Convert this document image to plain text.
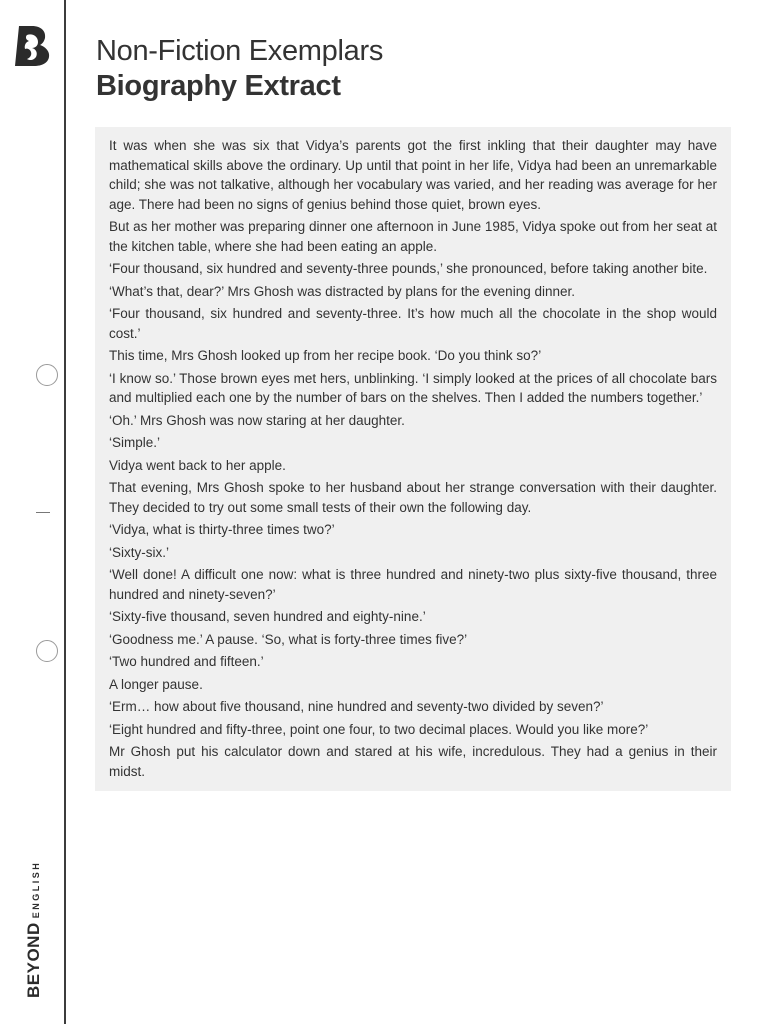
BEYONDENGLISH
Non-Fiction Exemplars
Biography Extract

It was when she was six that Vidya’s parents got the first inkling that their daughter may have mathematical skills above the ordinary. Up until that point in her life, Vidya had been an unremarkable child; she was not talkative, although her vocabulary was varied, and her reading was average for her age. There had been no signs of genius behind those quiet, brown eyes.

But as her mother was preparing dinner one afternoon in June 1985, Vidya spoke out from her seat at the kitchen table, where she had been eating an apple.

‘Four thousand, six hundred and seventy-three pounds,’ she pronounced, before taking another bite.

‘What’s that, dear?’ Mrs Ghosh was distracted by plans for the evening dinner.

‘Four thousand, six hundred and seventy-three. It’s how much all the chocolate in the shop would cost.’

This time, Mrs Ghosh looked up from her recipe book. ‘Do you think so?’

‘I know so.’ Those brown eyes met hers, unblinking. ‘I simply looked at the prices of all chocolate bars and multiplied each one by the number of bars on the shelves. Then I added the numbers together.’

‘Oh.’ Mrs Ghosh was now staring at her daughter.

‘Simple.’

Vidya went back to her apple.

That evening, Mrs Ghosh spoke to her husband about her strange conversation with their daughter. They decided to try out some small tests of their own the following day.

‘Vidya, what is thirty-three times two?’

‘Sixty-six.’

‘Well done! A difficult one now: what is three hundred and ninety-two plus sixty-five thousand, three hundred and ninety-seven?’

‘Sixty-five thousand, seven hundred and eighty-nine.’

‘Goodness me.’ A pause. ‘So, what is forty-three times five?’

‘Two hundred and fifteen.’

A longer pause.

‘Erm… how about five thousand, nine hundred and seventy-two divided by seven?’

‘Eight hundred and fifty-three, point one four, to two decimal places. Would you like more?’

Mr Ghosh put his calculator down and stared at his wife, incredulous. They had a genius in their midst.
